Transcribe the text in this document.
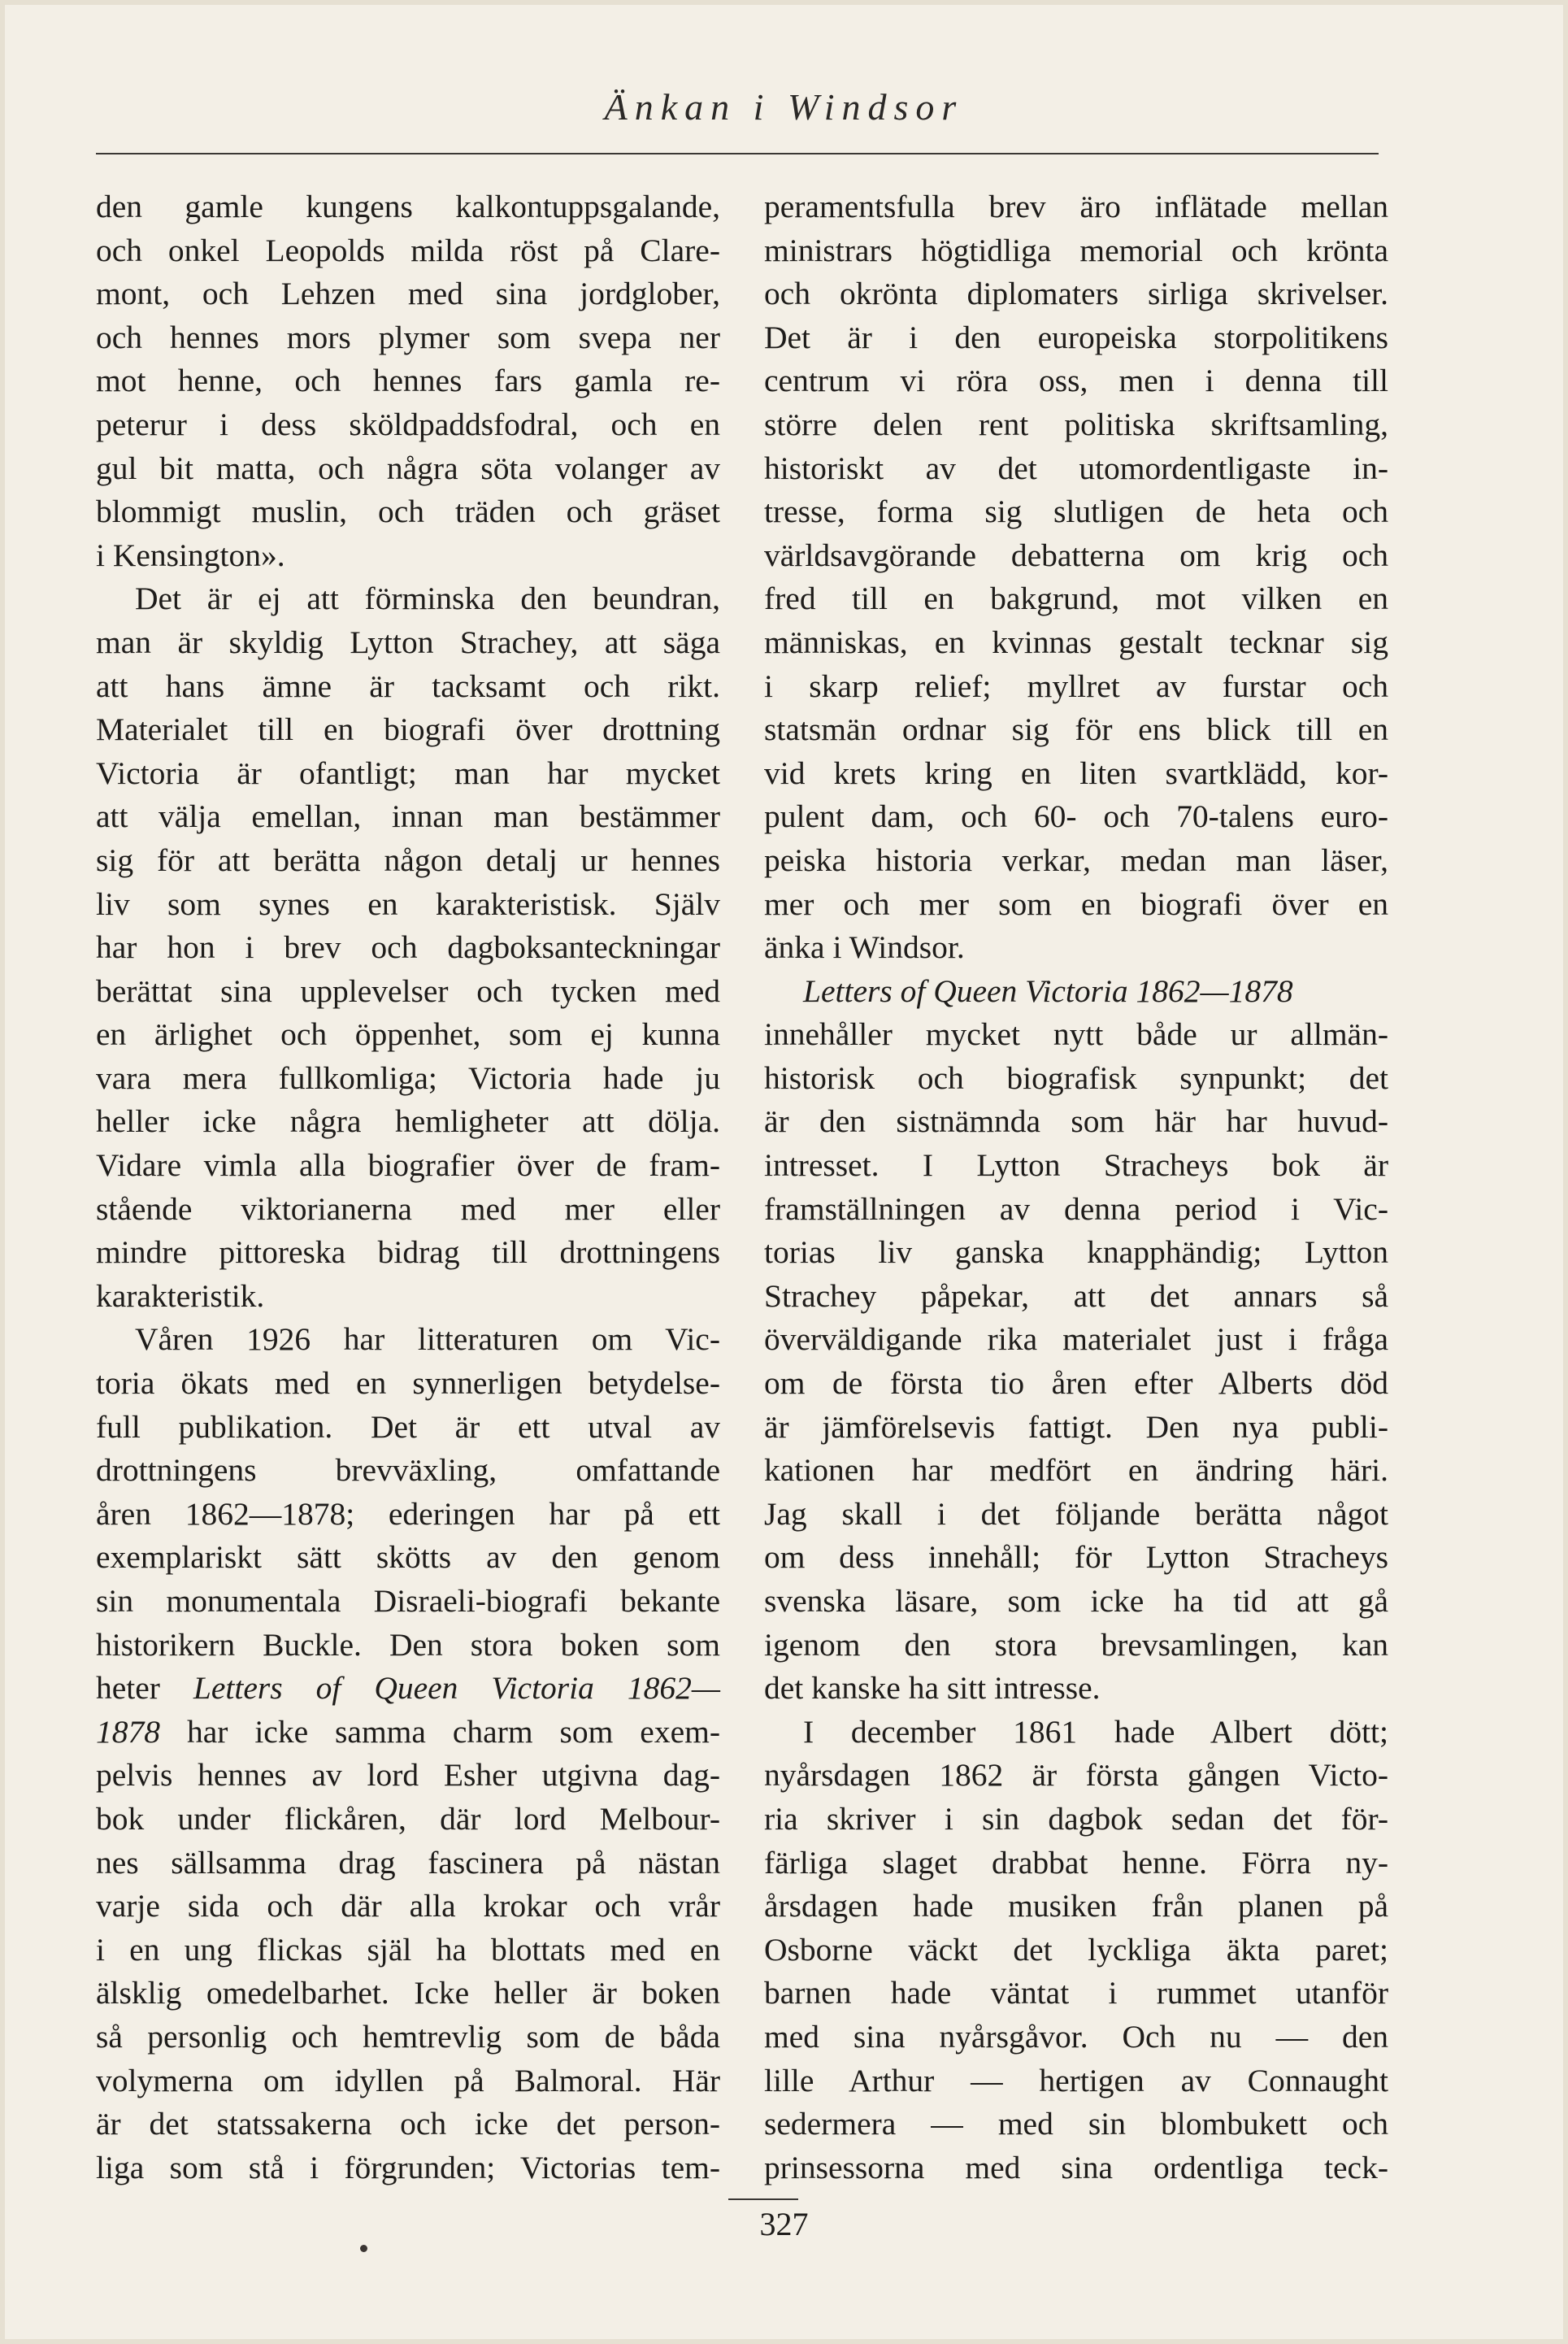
Änkan i Windsor
den gamle kungens kalkontuppsgalande,
och onkel Leopolds milda röst på Clare-
mont, och Lehzen med sina jordglober,
och hennes mors plymer som svepa ner
mot henne, och hennes fars gamla re-
peterur i dess sköldpaddsfodral, och en
gul bit matta, och några söta volanger av
blommigt muslin, och träden och gräset
i Kensington».
Det är ej att förminska den beundran,
man är skyldig Lytton Strachey, att säga
att hans ämne är tacksamt och rikt.
Materialet till en biografi över drottning
Victoria är ofantligt; man har mycket
att välja emellan, innan man bestämmer
sig för att berätta någon detalj ur hennes
liv som synes en karakteristisk. Själv
har hon i brev och dagboksanteckningar
berättat sina upplevelser och tycken med
en ärlighet och öppenhet, som ej kunna
vara mera fullkomliga; Victoria hade ju
heller icke några hemligheter att dölja.
Vidare vimla alla biografier över de fram-
stående viktorianerna med mer eller
mindre pittoreska bidrag till drottningens
karakteristik.
Våren 1926 har litteraturen om Vic-
toria ökats med en synnerligen betydelse-
full publikation. Det är ett utval av
drottningens brevväxling, omfattande
åren 1862—1878; ederingen har på ett
exemplariskt sätt skötts av den genom
sin monumentala Disraeli-biografi bekante
historikern Buckle. Den stora boken som
heter Letters of Queen Victoria 1862—
1878 har icke samma charm som exem-
pelvis hennes av lord Esher utgivna dag-
bok under flickåren, där lord Melbour-
nes sällsamma drag fascinera på nästan
varje sida och där alla krokar och vrår
i en ung flickas själ ha blottats med en
älsklig omedelbarhet. Icke heller är boken
så personlig och hemtrevlig som de båda
volymerna om idyllen på Balmoral. Här
är det statssakerna och icke det person-
liga som stå i förgrunden; Victorias tem-
peramentsfulla brev äro inflätade mellan
ministrars högtidliga memorial och krönta
och okrönta diplomaters sirliga skrivelser.
Det är i den europeiska storpolitikens
centrum vi röra oss, men i denna till
större delen rent politiska skriftsamling,
historiskt av det utomordentligaste in-
tresse, forma sig slutligen de heta och
världsavgörande debatterna om krig och
fred till en bakgrund, mot vilken en
människas, en kvinnas gestalt tecknar sig
i skarp relief; myllret av furstar och
statsmän ordnar sig för ens blick till en
vid krets kring en liten svartklädd, kor-
pulent dam, och 60- och 70-talens euro-
peiska historia verkar, medan man läser,
mer och mer som en biografi över en
änka i Windsor.
Letters of Queen Victoria 1862—1878
innehåller mycket nytt både ur allmän-
historisk och biografisk synpunkt; det
är den sistnämnda som här har huvud-
intresset. I Lytton Stracheys bok är
framställningen av denna period i Vic-
torias liv ganska knapphändig; Lytton
Strachey påpekar, att det annars så
överväldigande rika materialet just i fråga
om de första tio åren efter Alberts död
är jämförelsevis fattigt. Den nya publi-
kationen har medfört en ändring häri.
Jag skall i det följande berätta något
om dess innehåll; för Lytton Stracheys
svenska läsare, som icke ha tid att gå
igenom den stora brevsamlingen, kan
det kanske ha sitt intresse.
I december 1861 hade Albert dött;
nyårsdagen 1862 är första gången Victo-
ria skriver i sin dagbok sedan det för-
färliga slaget drabbat henne. Förra ny-
årsdagen hade musiken från planen på
Osborne väckt det lyckliga äkta paret;
barnen hade väntat i rummet utanför
med sina nyårsgåvor. Och nu — den
lille Arthur — hertigen av Connaught
sedermera — med sin blombukett och
prinsessorna med sina ordentliga teck-
327
